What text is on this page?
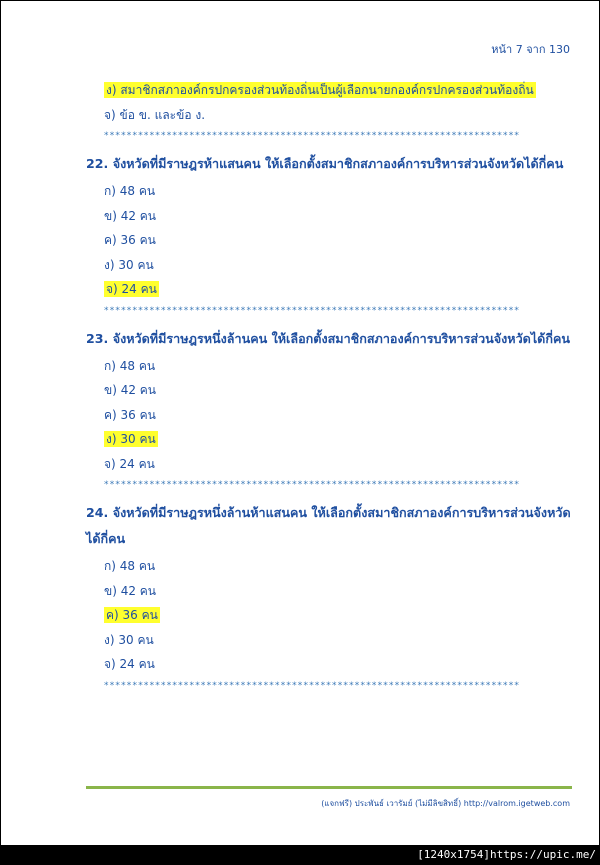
หน้า 7 จาก 130
ง) สมาชิกสภาองค์กรปกครองส่วนท้องถิ่นเป็นผู้เลือกนายกองค์กรปกครองส่วนท้องถิ่น
จ) ข้อ ข. และข้อ ง.
*************************************************************************
22. จังหวัดที่มีราษฎรห้าแสนคน ให้เลือกตั้งสมาชิกสภาองค์การบริหารส่วนจังหวัดได้กี่คน
ก) 48 คน
ข) 42 คน
ค) 36 คน
ง) 30 คน
จ) 24 คน
*************************************************************************
23. จังหวัดที่มีราษฎรหนึ่งล้านคน ให้เลือกตั้งสมาชิกสภาองค์การบริหารส่วนจังหวัดได้กี่คน
ก) 48 คน
ข) 42 คน
ค) 36 คน
ง) 30 คน
จ) 24 คน
*************************************************************************
24. จังหวัดที่มีราษฎรหนึ่งล้านห้าแสนคน ให้เลือกตั้งสมาชิกสภาองค์การบริหารส่วนจังหวัดได้กี่คน
ก) 48 คน
ข) 42 คน
ค) 36 คน
ง) 30 คน
จ) 24 คน
*************************************************************************
(แจกฟรี) ประพันธ์ เวารัมย์ (ไม่มีลิขสิทธิ์) http://valrom.igetweb.com
[1240x1754]https://upic.me/
